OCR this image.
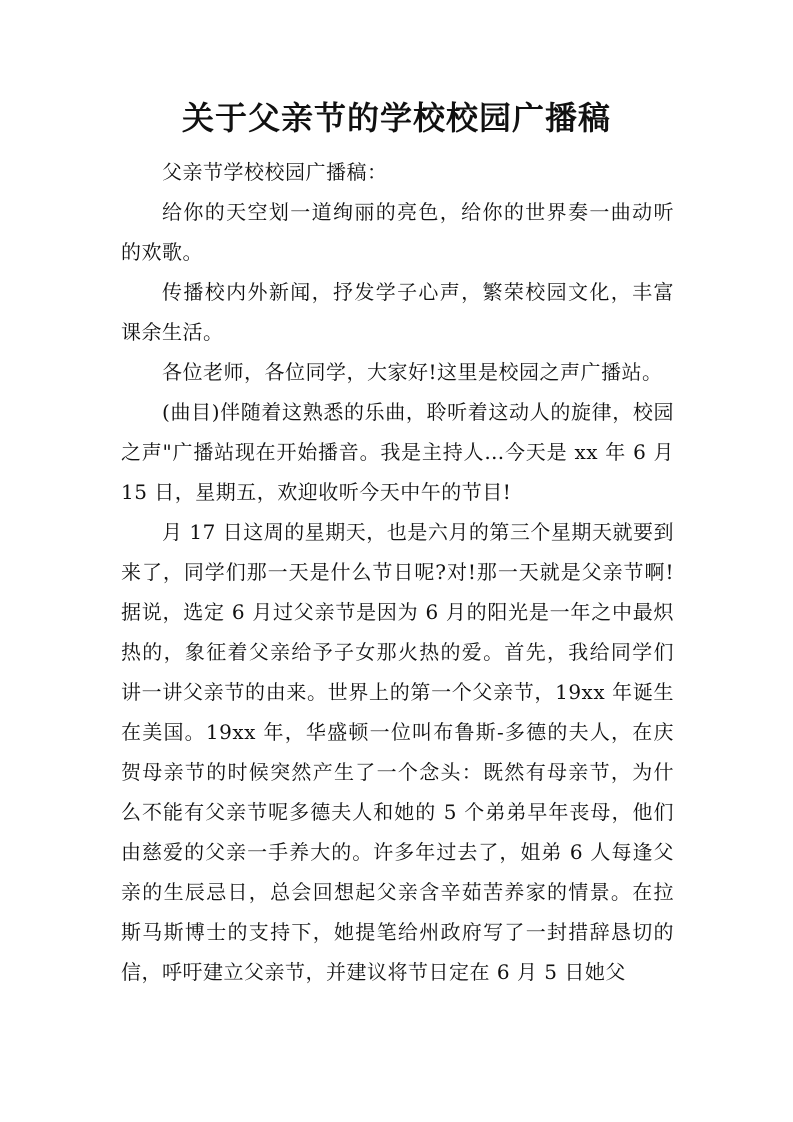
关于父亲节的学校校园广播稿

父亲节学校校园广播稿：

给你的天空划一道绚丽的亮色，给你的世界奏一曲动听的欢歌。

传播校内外新闻，抒发学子心声，繁荣校园文化，丰富课余生活。

各位老师，各位同学，大家好!这里是校园之声广播站。

(曲目)伴随着这熟悉的乐曲，聆听着这动人的旋律，校园之声"广播站现在开始播音。我是主持人…今天是 xx 年 6 月 15 日，星期五，欢迎收听今天中午的节目!

月 17 日这周的星期天，也是六月的第三个星期天就要到来了，同学们那一天是什么节日呢?对!那一天就是父亲节啊!据说，选定 6 月过父亲节是因为 6 月的阳光是一年之中最炽热的，象征着父亲给予子女那火热的爱。首先，我给同学们讲一讲父亲节的由来。世界上的第一个父亲节，19xx 年诞生在美国。19xx 年，华盛顿一位叫布鲁斯-多德的夫人，在庆贺母亲节的时候突然产生了一个念头：既然有母亲节，为什么不能有父亲节呢多德夫人和她的 5 个弟弟早年丧母，他们由慈爱的父亲一手养大的。许多年过去了，姐弟 6 人每逢父亲的生辰忌日，总会回想起父亲含辛茹苦养家的情景。在拉斯马斯博士的支持下，她提笔给州政府写了一封措辞恳切的信，呼吁建立父亲节，并建议将节日定在 6 月 5 日她父
